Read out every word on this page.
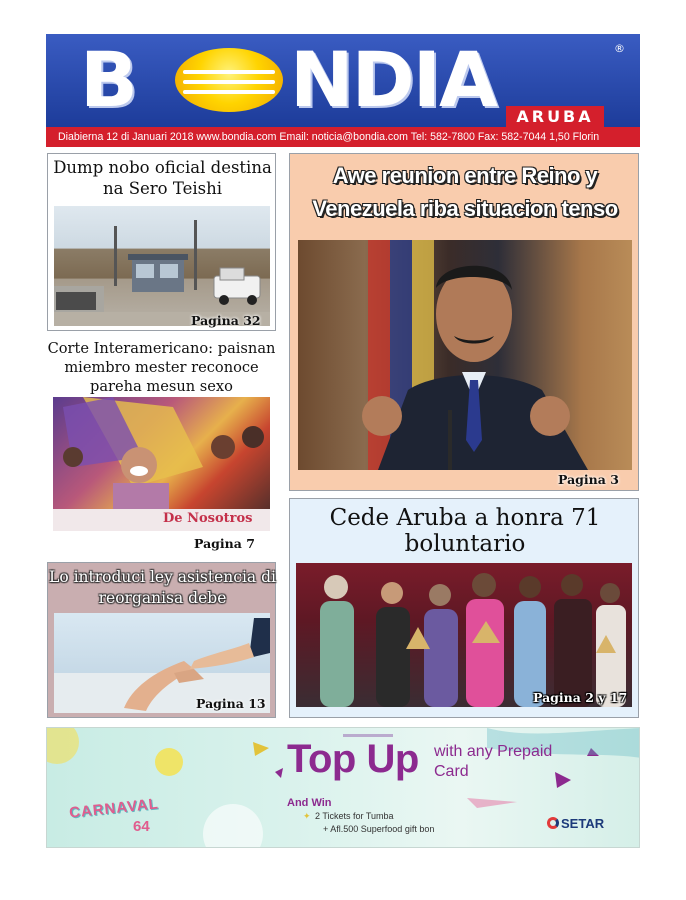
B NDIA	®
ARUBA
Diabierna 12 di Januari 2018 www.bondia.com Email: noticia@bondia.com Tel: 582-7800 Fax: 582-7044 1,50 Florin
Dump nobo oficial destina na Sero Teishi
Pagina 32
Corte Interamericano: paisnan miembro mester reconoce pareha mesun sexo
De Nosotros
Pagina 7
Lo introduci ley asistencia di reorganisa debe
Pagina 13
Awe reunion entre Reino y Venezuela riba situacion tenso
Pagina 3
Cede Aruba a honra 71 boluntario
Pagina 2 y 17
CARNAVAL
64
Top Up with any Prepaid Card
And Win
✦ 2 Tickets for Tumba
+ Afl.500 Superfood gift bon	SETAR
